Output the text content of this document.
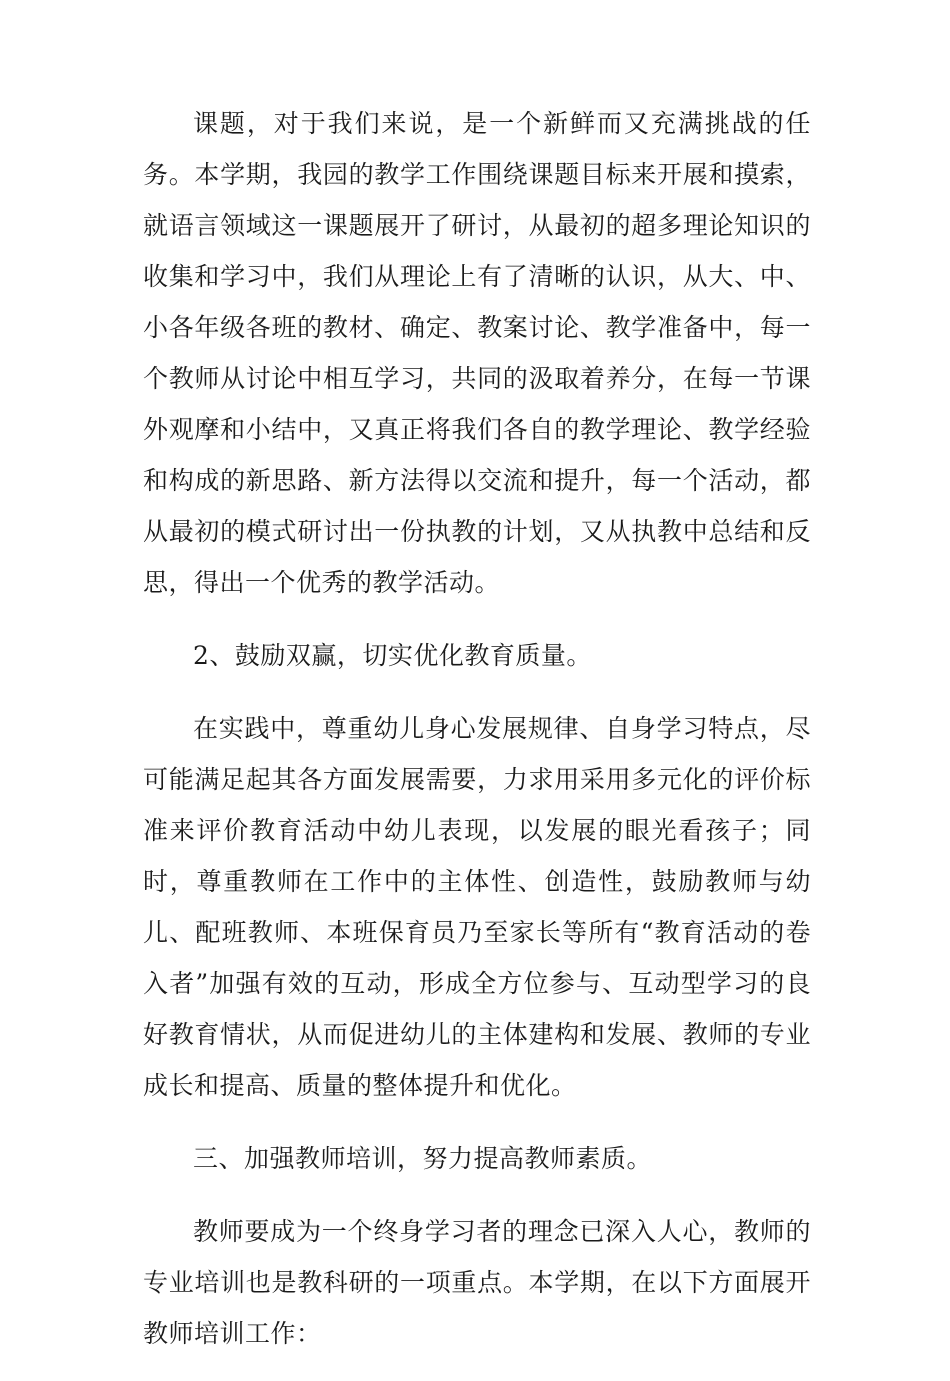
课题，对于我们来说，是一个新鲜而又充满挑战的任务。本学期，我园的教学工作围绕课题目标来开展和摸索，就语言领域这一课题展开了研讨，从最初的超多理论知识的收集和学习中，我们从理论上有了清晰的认识，从大、中、小各年级各班的教材、确定、教案讨论、教学准备中，每一个教师从讨论中相互学习，共同的汲取着养分，在每一节课外观摩和小结中，又真正将我们各自的教学理论、教学经验和构成的新思路、新方法得以交流和提升，每一个活动，都从最初的模式研讨出一份执教的计划，又从执教中总结和反思，得出一个优秀的教学活动。

2、鼓励双赢，切实优化教育质量。

在实践中，尊重幼儿身心发展规律、自身学习特点，尽可能满足起其各方面发展需要，力求用采用多元化的评价标准来评价教育活动中幼儿表现，以发展的眼光看孩子；同时，尊重教师在工作中的主体性、创造性，鼓励教师与幼儿、配班教师、本班保育员乃至家长等所有“教育活动的卷入者”加强有效的互动，形成全方位参与、互动型学习的良好教育情状，从而促进幼儿的主体建构和发展、教师的专业成长和提高、质量的整体提升和优化。

三、加强教师培训，努力提高教师素质。

教师要成为一个终身学习者的理念已深入人心，教师的专业培训也是教科研的一项重点。本学期，在以下方面展开教师培训工作：
